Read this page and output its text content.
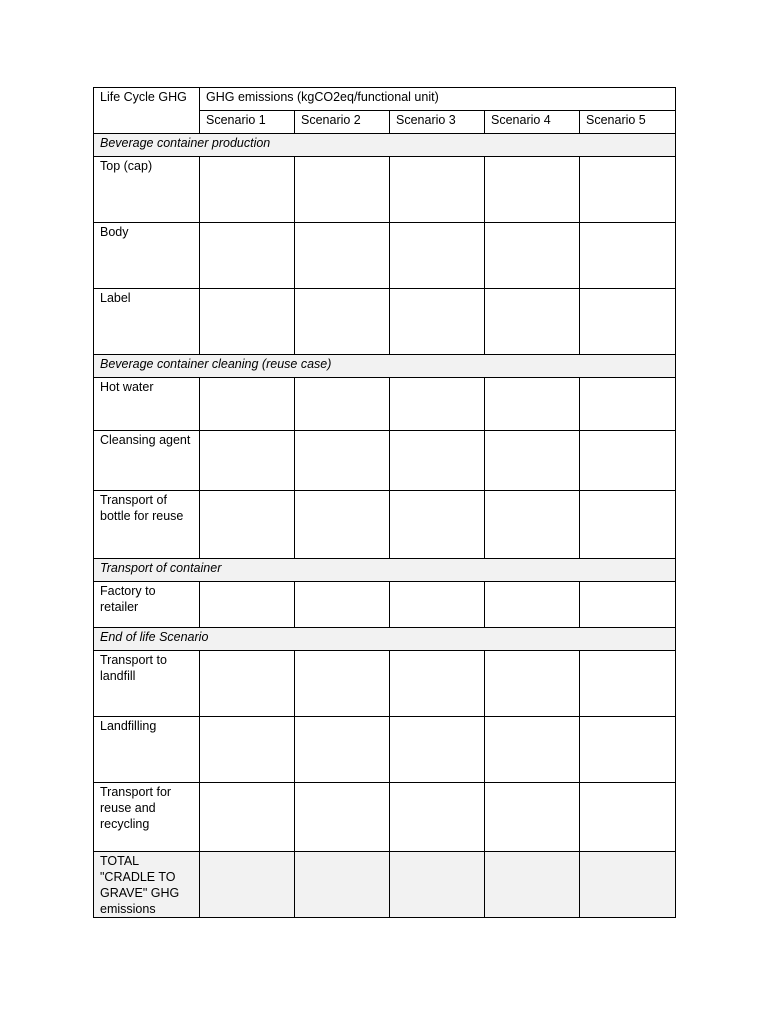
Life Cycle GHG	GHG emissions (kgCO2eq/functional unit)				
	Scenario 1	Scenario 2	Scenario 3	Scenario 4	Scenario 5
Beverage container production					
Top (cap)					
Body					
Label					
Beverage container cleaning (reuse case)					
Hot water					
Cleansing agent					
Transport of bottle for reuse					
Transport of container					
Factory to retailer					
End of life Scenario					
Transport to landfill					
Landfilling					
Transport for reuse and recycling					
TOTAL "CRADLE TO GRAVE" GHG emissions					
